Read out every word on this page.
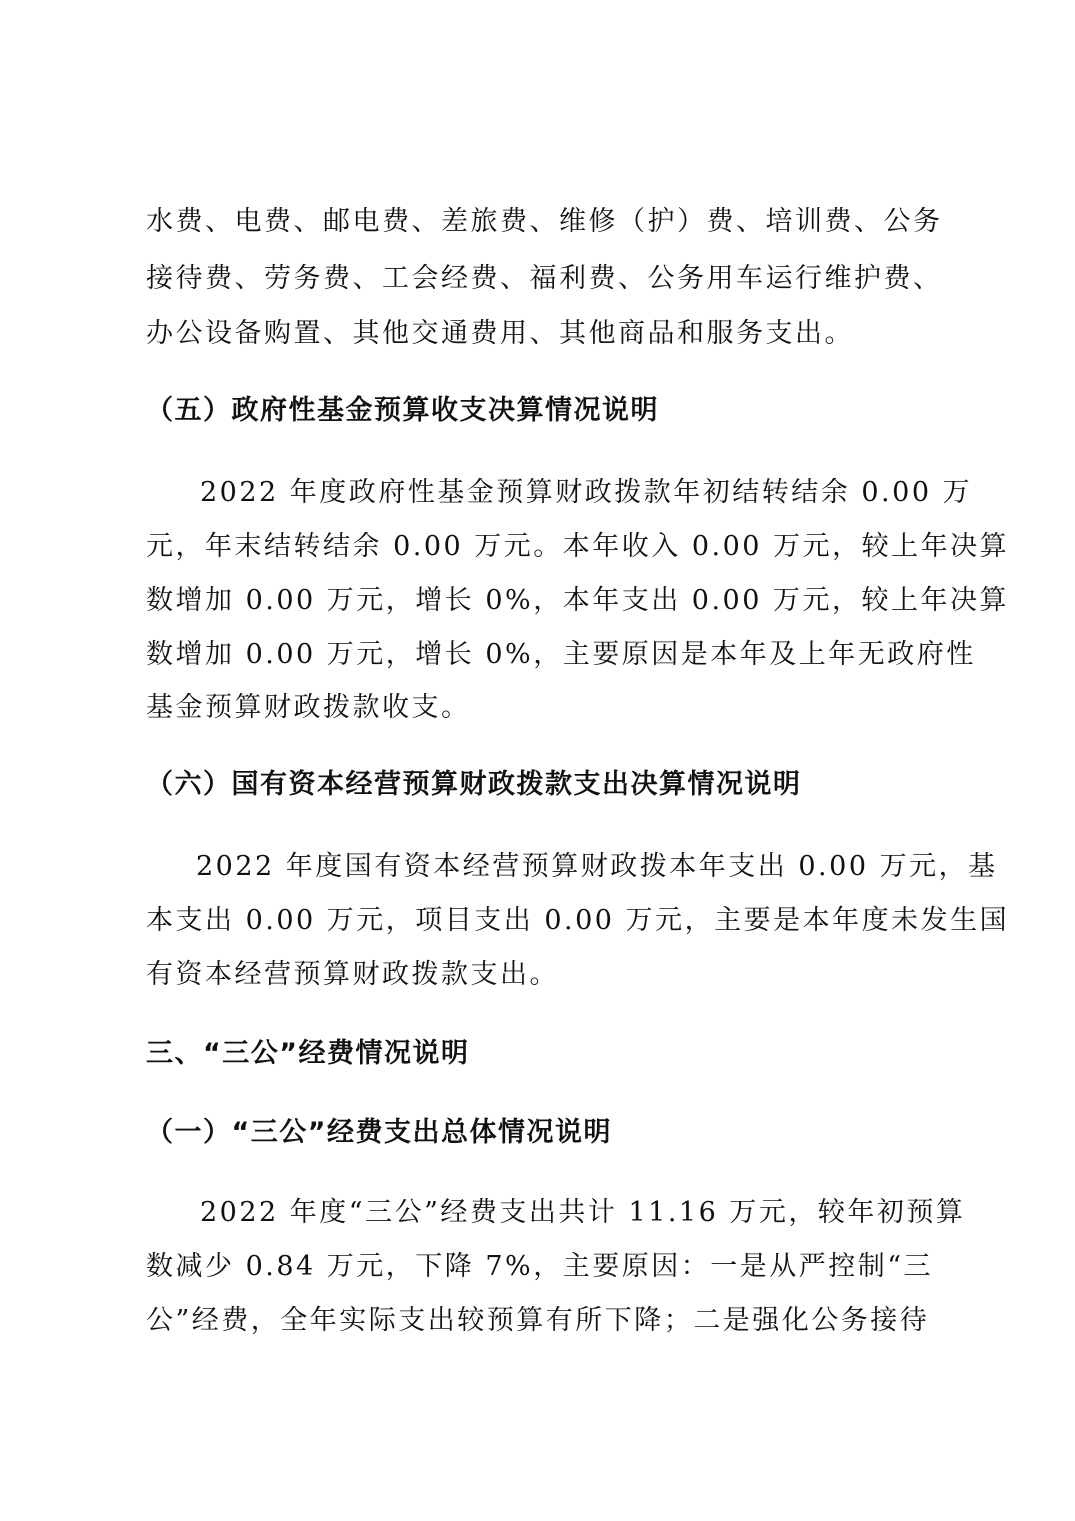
水费、电费、邮电费、差旅费、维修（护）费、培训费、公务
接待费、劳务费、工会经费、福利费、公务用车运行维护费、
办公设备购置、其他交通费用、其他商品和服务支出。
（五）政府性基金预算收支决算情况说明
2022 年度政府性基金预算财政拨款年初结转结余 0.00 万
元，年末结转结余 0.00 万元。本年收入 0.00 万元，较上年决算
数增加 0.00 万元，增长 0%，本年支出 0.00 万元，较上年决算
数增加 0.00 万元，增长 0%，主要原因是本年及上年无政府性
基金预算财政拨款收支。
（六）国有资本经营预算财政拨款支出决算情况说明
2022 年度国有资本经营预算财政拨本年支出 0.00 万元，基
本支出 0.00 万元，项目支出 0.00 万元，主要是本年度未发生国
有资本经营预算财政拨款支出。
三、“三公”经费情况说明
（一）“三公”经费支出总体情况说明
2022 年度“三公”经费支出共计 11.16 万元，较年初预算
数减少 0.84 万元，下降 7%，主要原因：一是从严控制“三
公”经费，全年实际支出较预算有所下降；二是强化公务接待
